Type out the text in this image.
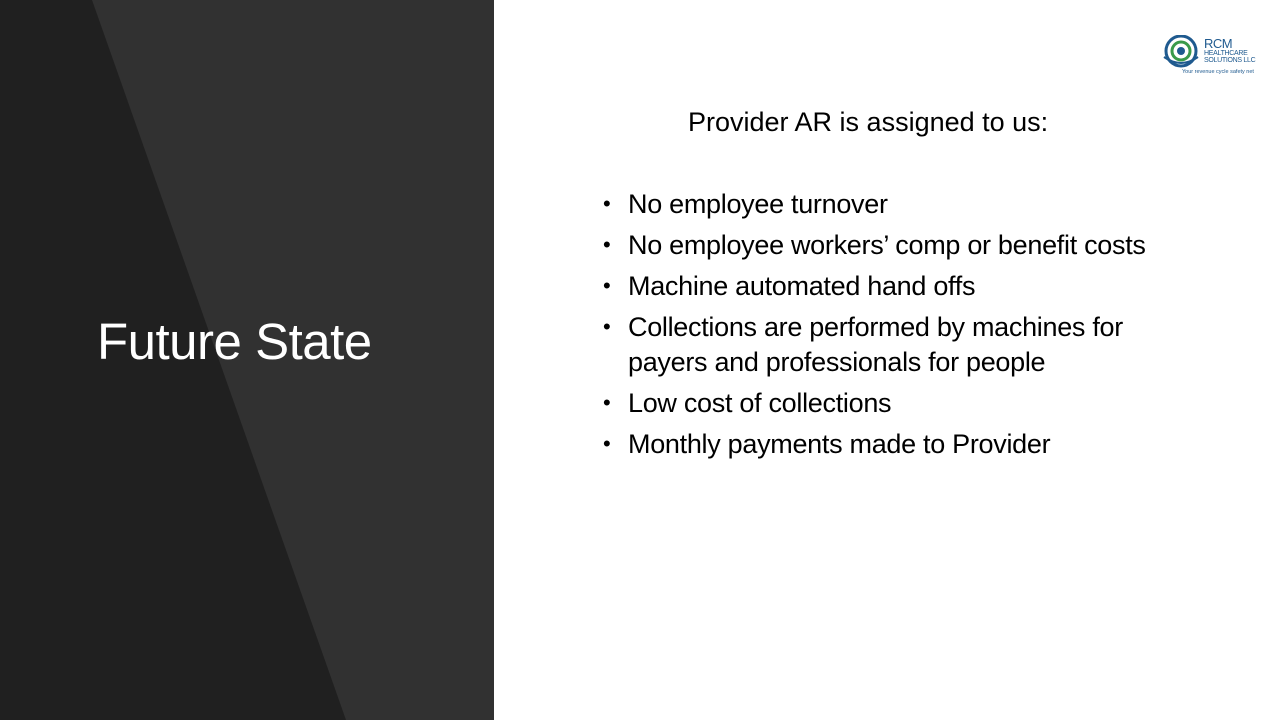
Future State
RCM
HEALTHCARE SOLUTIONS LLC
Your revenue cycle safety net
Provider AR is assigned to us:
• No employee turnover
• No employee workers’ comp or benefit costs
• Machine automated hand offs
• Collections are performed by machines for payers and professionals for people
• Low cost of collections
• Monthly payments made to Provider
